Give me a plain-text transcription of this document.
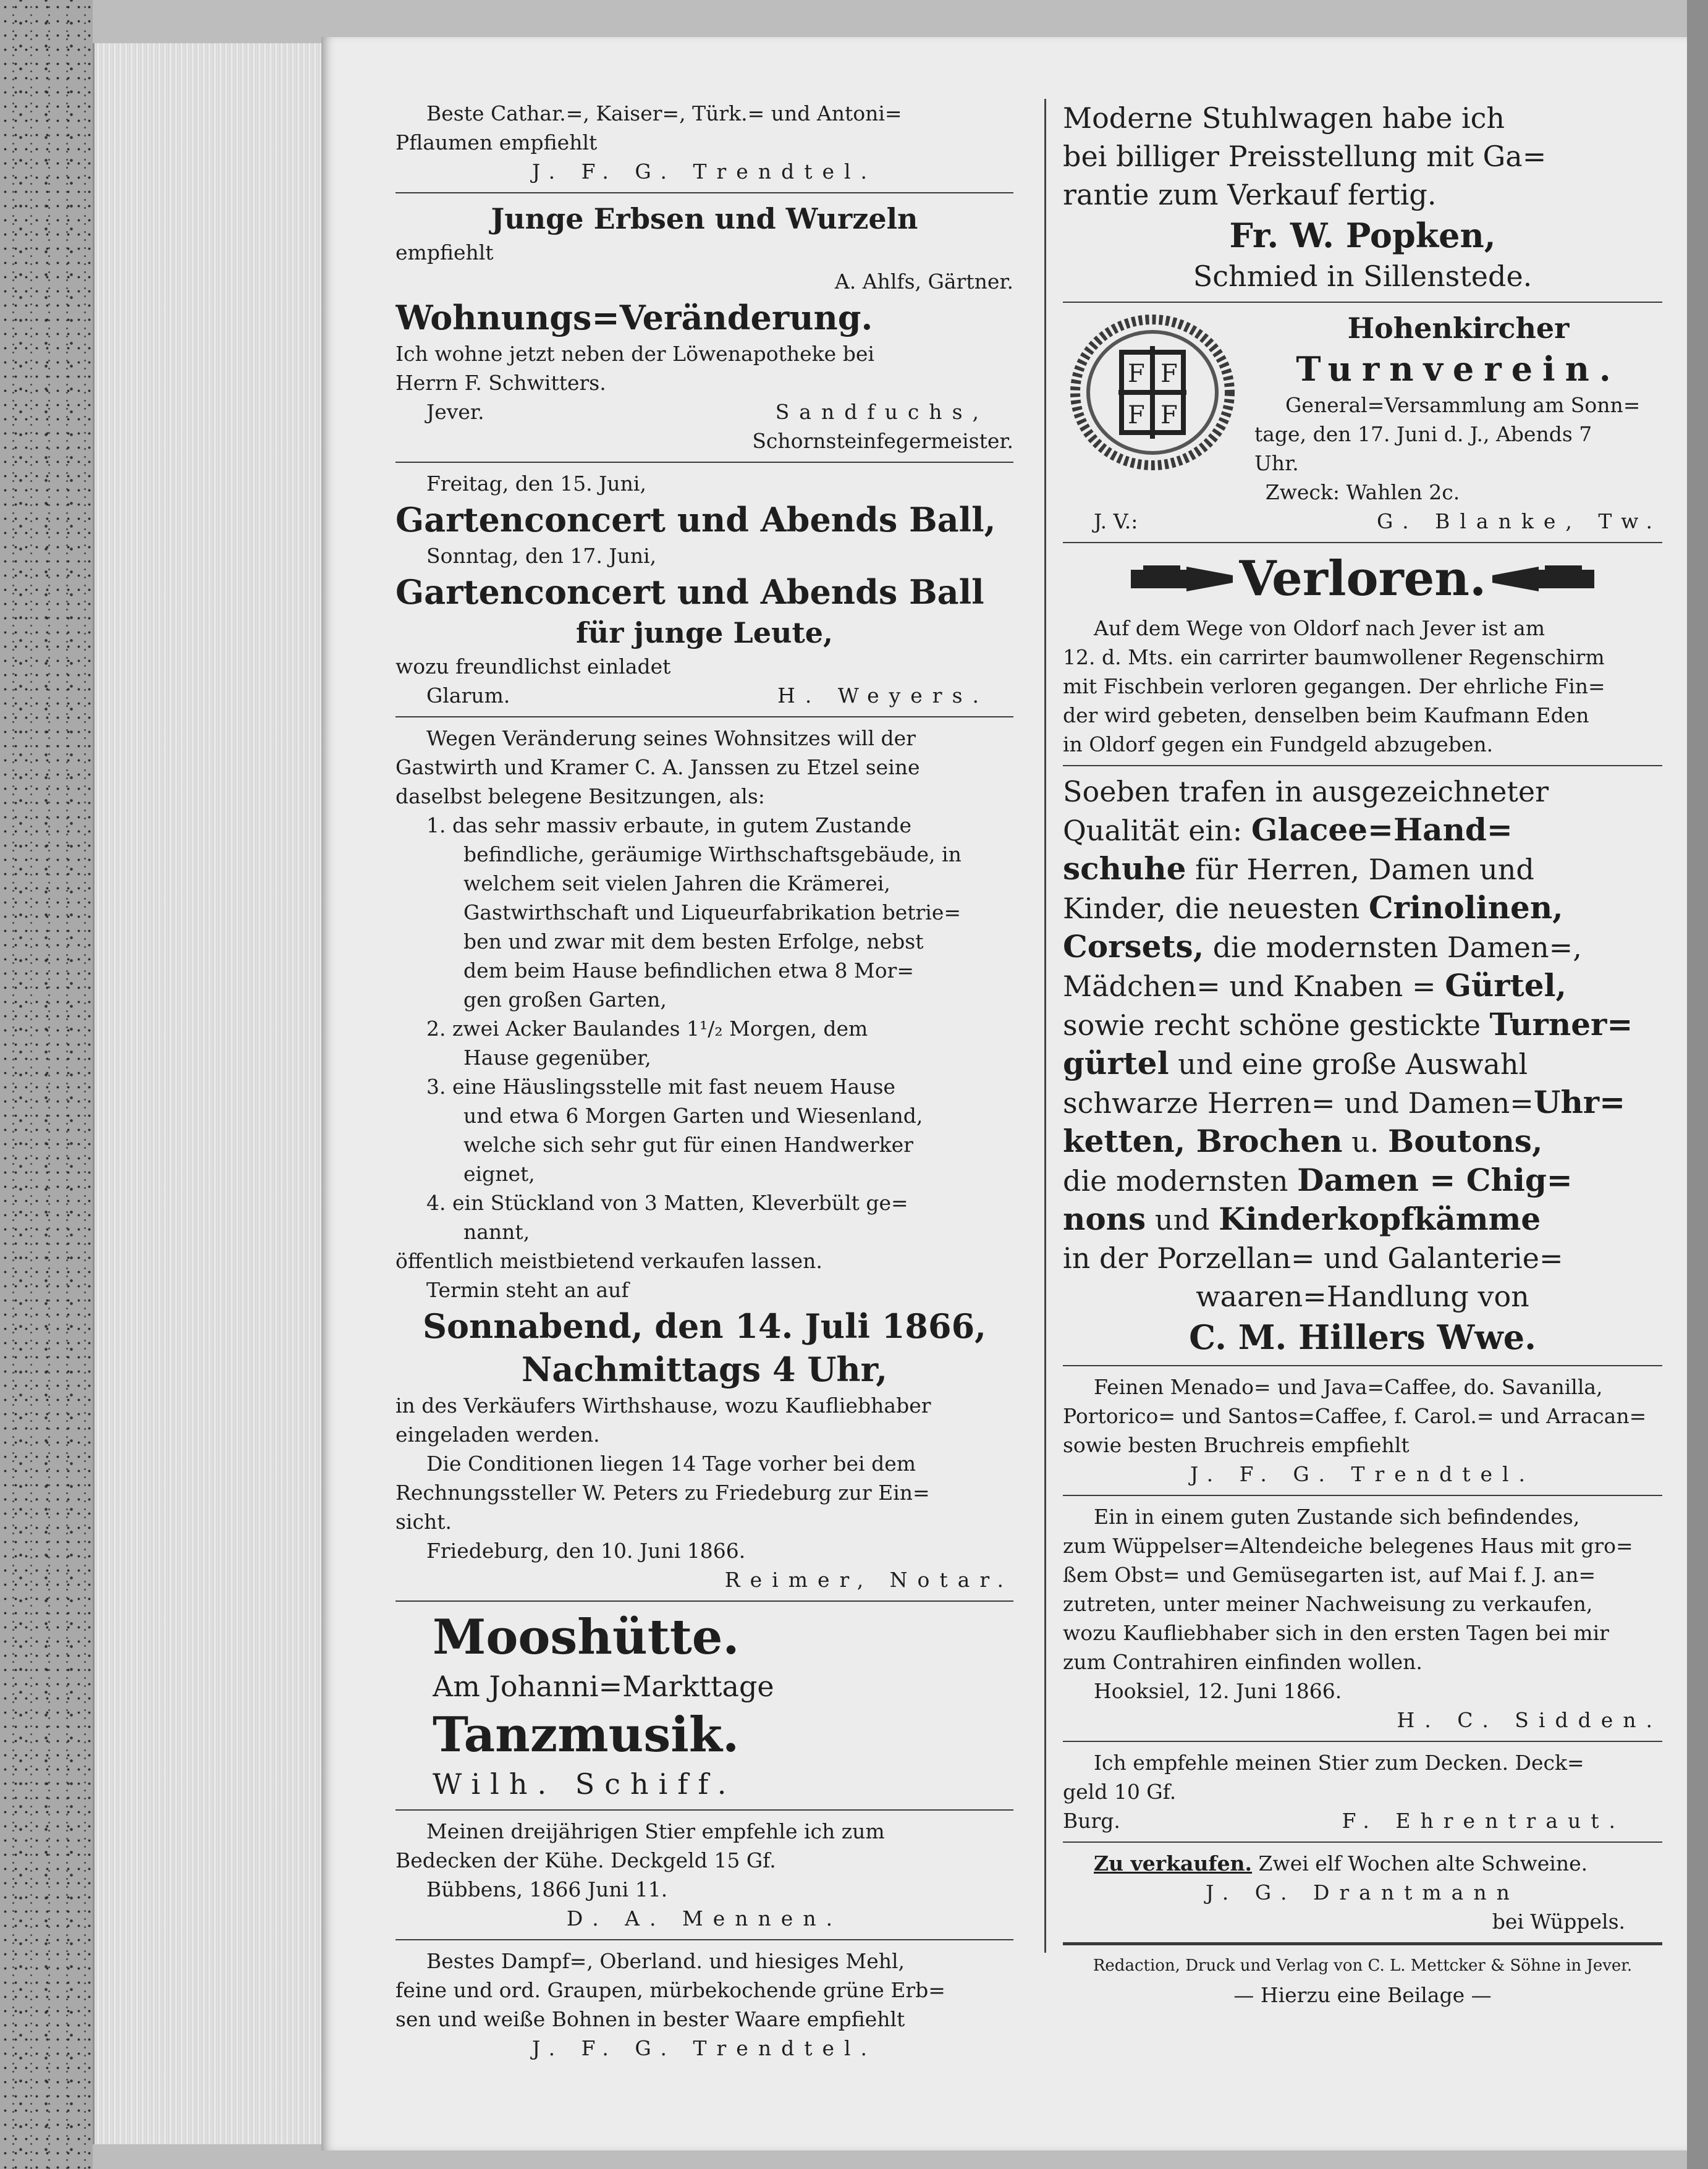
Beste Cathar.=, Kaiser=, Türk.= und Antoni=

Pflaumen empfiehlt

J. F. G. Trendtel.

Junge Erbsen und Wurzeln

empfiehlt

A. Ahlfs, Gärtner.

Wohnungs=Veränderung.

Ich wohne jetzt neben der Löwenapotheke bei

Herrn F. Schwitters.

Jever.	Sandfuchs,

Schornsteinfegermeister.

Freitag, den 15. Juni,

Gartenconcert und Abends Ball,

Sonntag, den 17. Juni,

Gartenconcert und Abends Ball

für junge Leute,

wozu freundlichst einladet

Glarum.	H. Weyers.

Wegen Veränderung seines Wohnsitzes will der

Gastwirth und Kramer C. A. Janssen zu Etzel seine

daselbst belegene Besitzungen, als:

1. das sehr massiv erbaute, in gutem Zustande

befindliche, geräumige Wirthschaftsgebäude, in

welchem seit vielen Jahren die Krämerei,

Gastwirthschaft und Liqueurfabrikation betrie=

ben und zwar mit dem besten Erfolge, nebst

dem beim Hause befindlichen etwa 8 Mor=

gen großen Garten,

2. zwei Acker Baulandes 1¹/₂ Morgen, dem

Hause gegenüber,

3. eine Häuslingsstelle mit fast neuem Hause

und etwa 6 Morgen Garten und Wiesenland,

welche sich sehr gut für einen Handwerker

eignet,

4. ein Stückland von 3 Matten, Kleverbült ge=

nannt,

öffentlich meistbietend verkaufen lassen.

Termin steht an auf

Sonnabend, den 14. Juli 1866,

Nachmittags 4 Uhr,

in des Verkäufers Wirthshause, wozu Kaufliebhaber

eingeladen werden.

Die Conditionen liegen 14 Tage vorher bei dem

Rechnungssteller W. Peters zu Friedeburg zur Ein=

sicht.

Friedeburg, den 10. Juni 1866.

Reimer, Notar.

Mooshütte.

Am Johanni=Markttage

Tanzmusik.

Wilh. Schiff.

Meinen dreijährigen Stier empfehle ich zum

Bedecken der Kühe. Deckgeld 15 Gf.

Bübbens, 1866 Juni 11.

D. A. Mennen.

Bestes Dampf=, Oberland. und hiesiges Mehl,

feine und ord. Graupen, mürbekochende grüne Erb=

sen und weiße Bohnen in bester Waare empfiehlt

J. F. G. Trendtel.

Moderne Stuhlwagen habe ich

bei billiger Preisstellung mit Ga=

rantie zum Verkauf fertig.

Fr. W. Popken,

Schmied in Sillenstede.

F F
F F

Hohenkircher

Turnverein.

General=Versammlung am Sonn=

tage, den 17. Juni d. J., Abends 7

Uhr.

Zweck: Wahlen 2c.

J. V.:	G. Blanke, Tw.
Verloren.

Auf dem Wege von Oldorf nach Jever ist am

12. d. Mts. ein carrirter baumwollener Regenschirm

mit Fischbein verloren gegangen. Der ehrliche Fin=

der wird gebeten, denselben beim Kaufmann Eden

in Oldorf gegen ein Fundgeld abzugeben.

Soeben trafen in ausgezeichneter

Qualität ein: Glacee=Hand=

schuhe für Herren, Damen und

Kinder, die neuesten Crinolinen,

Corsets, die modernsten Damen=,

Mädchen= und Knaben = Gürtel,

sowie recht schöne gestickte Turner=

gürtel und eine große Auswahl

schwarze Herren= und Damen=Uhr=

ketten, Brochen u. Boutons,

die modernsten Damen = Chig=

nons und Kinderkopfkämme

in der Porzellan= und Galanterie=

waaren=Handlung von

C. M. Hillers Wwe.

Feinen Menado= und Java=Caffee, do. Savanilla,

Portorico= und Santos=Caffee, f. Carol.= und Arracan=

sowie besten Bruchreis empfiehlt

J. F. G. Trendtel.

Ein in einem guten Zustande sich befindendes,

zum Wüppelser=Altendeiche belegenes Haus mit gro=

ßem Obst= und Gemüsegarten ist, auf Mai f. J. an=

zutreten, unter meiner Nachweisung zu verkaufen,

wozu Kaufliebhaber sich in den ersten Tagen bei mir

zum Contrahiren einfinden wollen.

Hooksiel, 12. Juni 1866.

H. C. Sidden.

Ich empfehle meinen Stier zum Decken. Deck=

geld 10 Gf.

Burg.	F. Ehrentraut.

Zu verkaufen. Zwei elf Wochen alte Schweine.

J. G. Drantmann

bei Wüppels.

Redaction, Druck und Verlag von C. L. Mettcker & Söhne in Jever.

— Hierzu eine Beilage —
